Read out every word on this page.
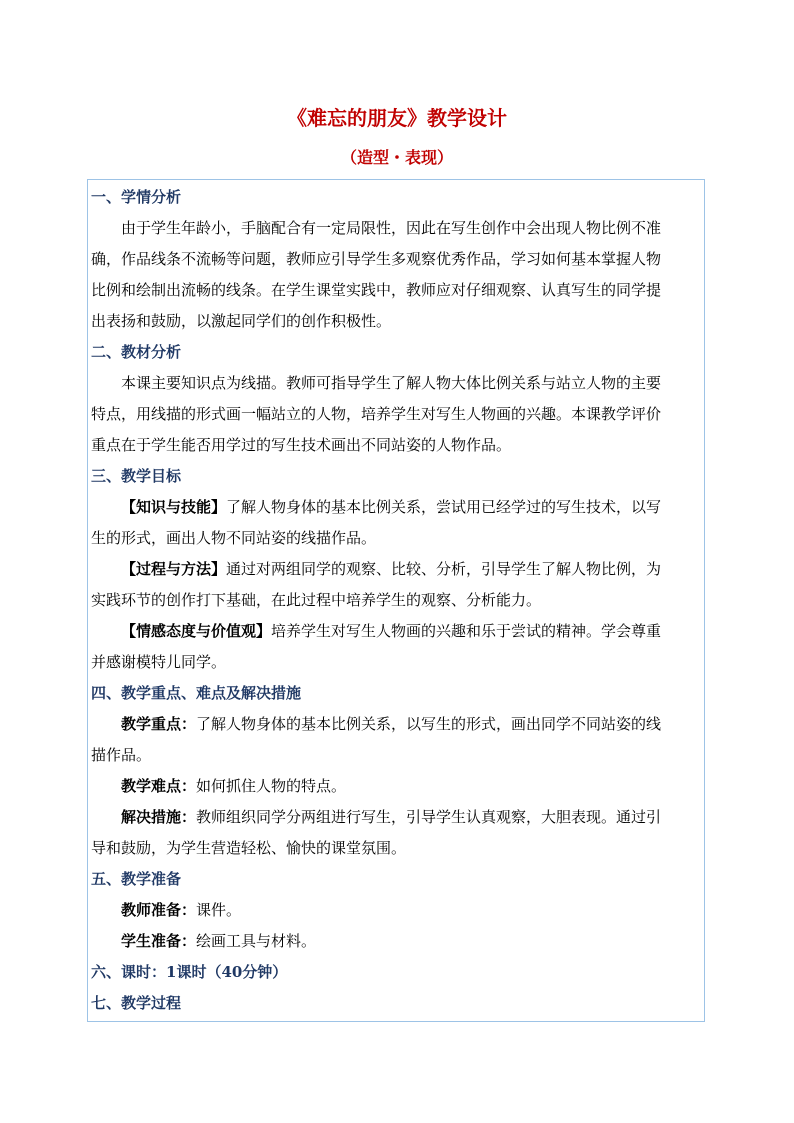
《难忘的朋友》教学设计
（造型・表现）
一、学情分析
由于学生年龄小，手脑配合有一定局限性，因此在写生创作中会出现人物比例不准
确，作品线条不流畅等问题，教师应引导学生多观察优秀作品，学习如何基本掌握人物
比例和绘制出流畅的线条。在学生课堂实践中，教师应对仔细观察、认真写生的同学提
出表扬和鼓励，以激起同学们的创作积极性。
二、教材分析
本课主要知识点为线描。教师可指导学生了解人物大体比例关系与站立人物的主要
特点，用线描的形式画一幅站立的人物，培养学生对写生人物画的兴趣。本课教学评价
重点在于学生能否用学过的写生技术画出不同站姿的人物作品。
三、教学目标
【知识与技能】了解人物身体的基本比例关系，尝试用已经学过的写生技术，以写
生的形式，画出人物不同站姿的线描作品。
【过程与方法】通过对两组同学的观察、比较、分析，引导学生了解人物比例，为
实践环节的创作打下基础，在此过程中培养学生的观察、分析能力。
【情感态度与价值观】培养学生对写生人物画的兴趣和乐于尝试的精神。学会尊重
并感谢模特儿同学。
四、教学重点、难点及解决措施
教学重点：了解人物身体的基本比例关系，以写生的形式，画出同学不同站姿的线
描作品。
教学难点：如何抓住人物的特点。
解决措施：教师组织同学分两组进行写生，引导学生认真观察，大胆表现。通过引
导和鼓励，为学生营造轻松、愉快的课堂氛围。
五、教学准备
教师准备：课件。
学生准备：绘画工具与材料。
六、课时：1课时（40分钟）
七、教学过程
